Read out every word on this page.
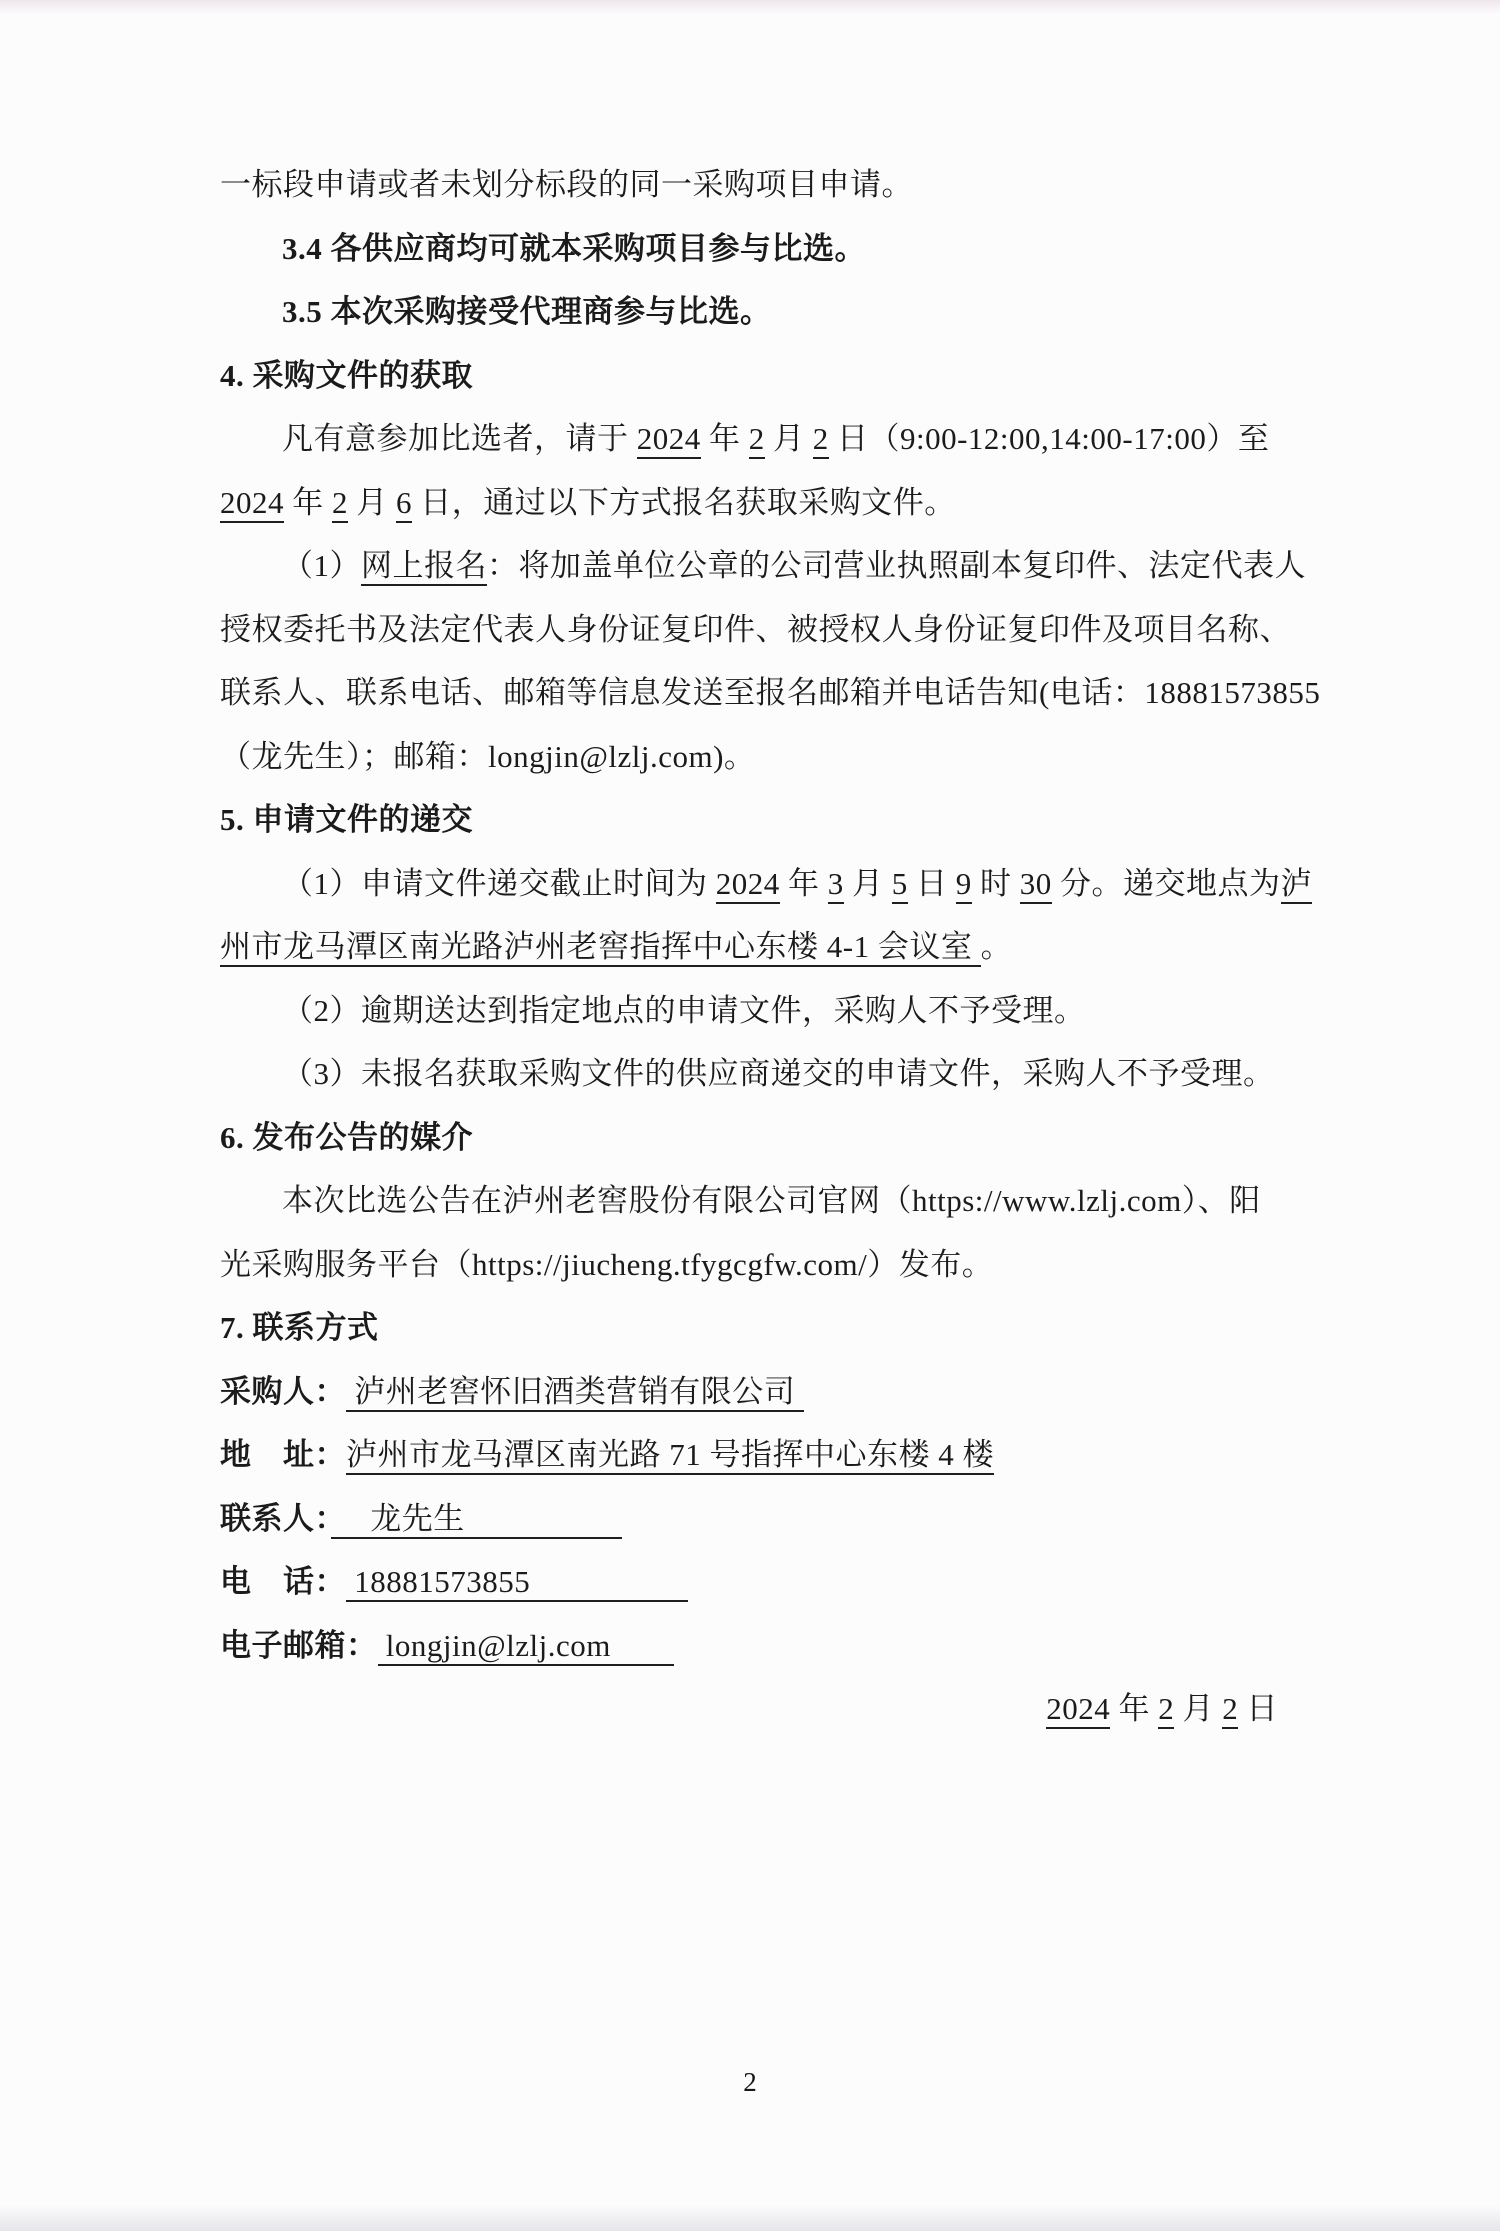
一标段申请或者未划分标段的同一采购项目申请。
3.4 各供应商均可就本采购项目参与比选。
3.5 本次采购接受代理商参与比选。
4. 采购文件的获取
凡有意参加比选者，请于 2024 年 2 月 2 日（9:00-12:00,14:00-17:00）至
2024 年 2 月 6 日，通过以下方式报名获取采购文件。
（1）网上报名：将加盖单位公章的公司营业执照副本复印件、法定代表人
授权委托书及法定代表人身份证复印件、被授权人身份证复印件及项目名称、
联系人、联系电话、邮箱等信息发送至报名邮箱并电话告知(电话：18881573855
（龙先生）；邮箱：longjin@lzlj.com)。
5. 申请文件的递交
（1）申请文件递交截止时间为 2024 年 3 月 5 日 9 时 30 分。递交地点为泸
州市龙马潭区南光路泸州老窖指挥中心东楼 4-1 会议室 。
（2）逾期送达到指定地点的申请文件，采购人不予受理。
（3）未报名获取采购文件的供应商递交的申请文件，采购人不予受理。
6. 发布公告的媒介
本次比选公告在泸州老窖股份有限公司官网（https://www.lzlj.com）、阳
光采购服务平台（https://jiucheng.tfygcgfw.com/）发布。
7. 联系方式
采购人： 泸州老窖怀旧酒类营销有限公司
地　址：泸州市龙马潭区南光路 71 号指挥中心东楼 4 楼
联系人：　 龙先生　　　　　
电　话： 18881573855　　　　　
电子邮箱： longjin@lzlj.com　　
2024 年 2 月 2 日
2
